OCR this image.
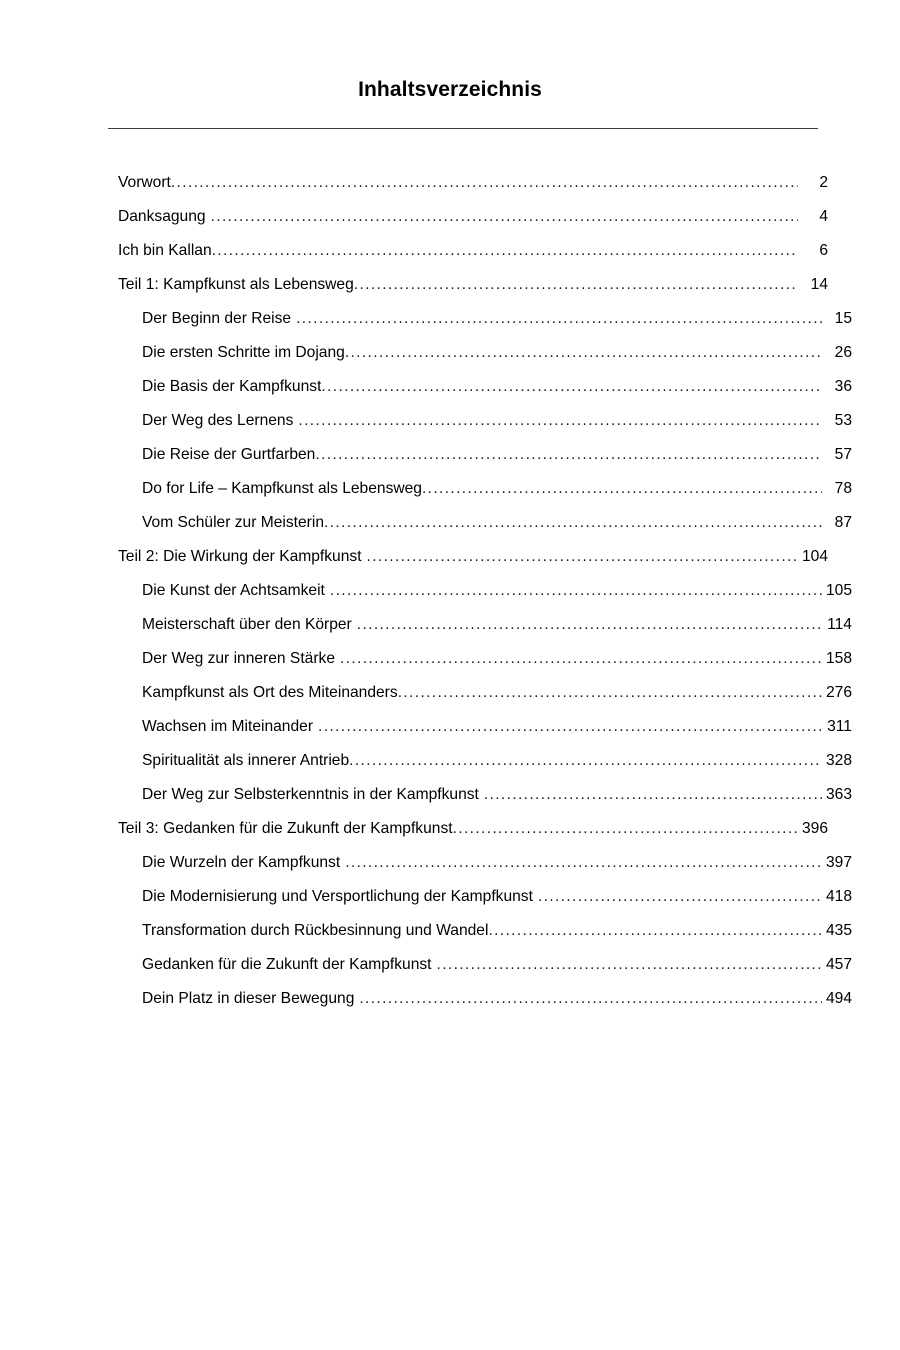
Inhaltsverzeichnis
Vorwort .....	2
Danksagung .....	4
Ich bin Kallan .....	6
Teil 1: Kampfkunst als Lebensweg .....	14
Der Beginn der Reise .....	15
Die ersten Schritte im Dojang .....	26
Die Basis der Kampfkunst .....	36
Der Weg des Lernens .....	53
Die Reise der Gurtfarben .....	57
Do for Life – Kampfkunst als Lebensweg .....	78
Vom Schüler zur Meisterin .....	87
Teil 2: Die Wirkung der Kampfkunst .....	104
Die Kunst der Achtsamkeit .....	105
Meisterschaft über den Körper .....	114
Der Weg zur inneren Stärke .....	158
Kampfkunst als Ort des Miteinanders .....	276
Wachsen im Miteinander .....	311
Spiritualität als innerer Antrieb .....	328
Der Weg zur Selbsterkenntnis in der Kampfkunst .....	363
Teil 3: Gedanken für die Zukunft der Kampfkunst .....	396
Die Wurzeln der Kampfkunst .....	397
Die Modernisierung und Versportlichung der Kampfkunst .....	418
Transformation durch Rückbesinnung und Wandel .....	435
Gedanken für die Zukunft der Kampfkunst .....	457
Dein Platz in dieser Bewegung .....	494
